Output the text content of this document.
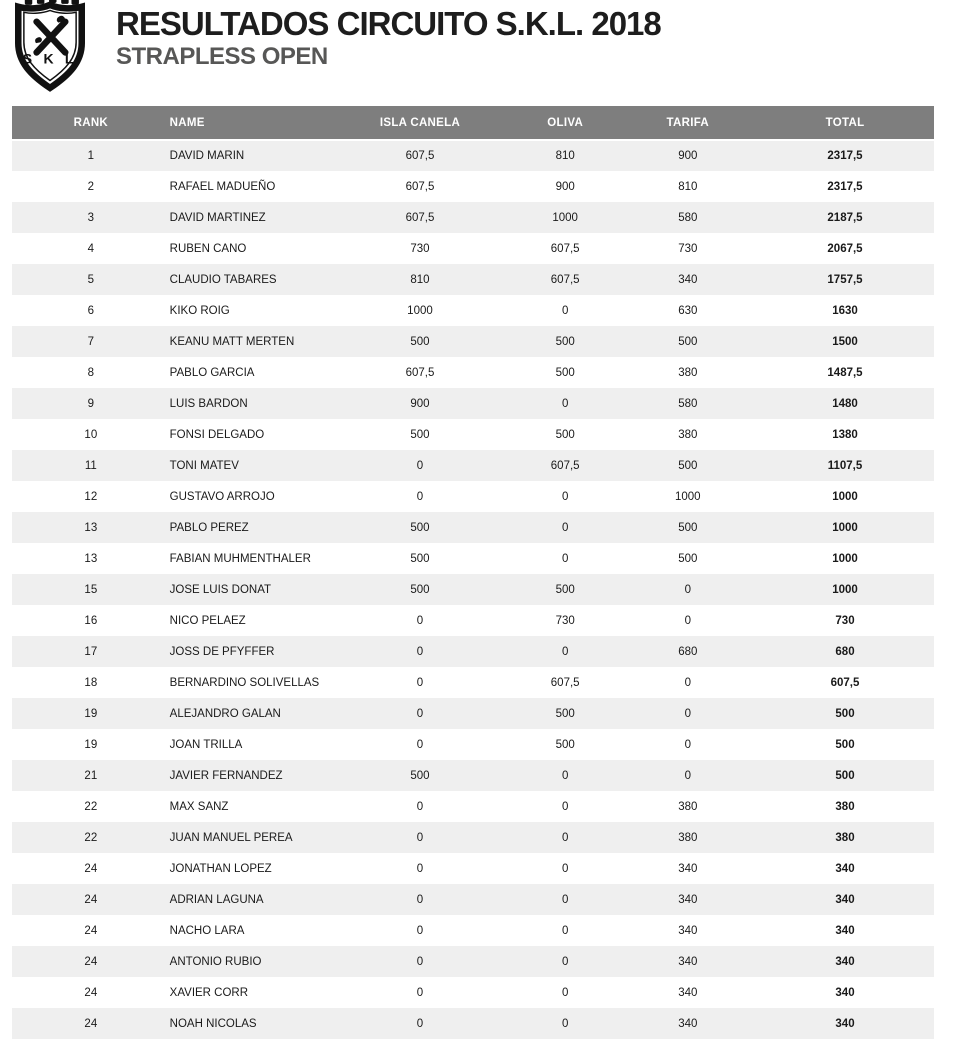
S K L
RESULTADOS CIRCUITO S.K.L. 2018
STRAPLESS OPEN
RANK	NAME	ISLA CANELA	OLIVA	TARIFA	TOTAL
1	DAVID MARIN	607,5	810	900	2317,5
2	RAFAEL MADUEÑO	607,5	900	810	2317,5
3	DAVID MARTINEZ	607,5	1000	580	2187,5
4	RUBEN CANO	730	607,5	730	2067,5
5	CLAUDIO TABARES	810	607,5	340	1757,5
6	KIKO ROIG	1000	0	630	1630
7	KEANU MATT MERTEN	500	500	500	1500
8	PABLO GARCIA	607,5	500	380	1487,5
9	LUIS BARDON	900	0	580	1480
10	FONSI DELGADO	500	500	380	1380
11	TONI MATEV	0	607,5	500	1107,5
12	GUSTAVO ARROJO	0	0	1000	1000
13	PABLO PEREZ	500	0	500	1000
13	FABIAN MUHMENTHALER	500	0	500	1000
15	JOSE LUIS DONAT	500	500	0	1000
16	NICO PELAEZ	0	730	0	730
17	JOSS DE PFYFFER	0	0	680	680
18	BERNARDINO SOLIVELLAS	0	607,5	0	607,5
19	ALEJANDRO GALAN	0	500	0	500
19	JOAN TRILLA	0	500	0	500
21	JAVIER FERNANDEZ	500	0	0	500
22	MAX SANZ	0	0	380	380
22	JUAN MANUEL PEREA	0	0	380	380
24	JONATHAN LOPEZ	0	0	340	340
24	ADRIAN LAGUNA	0	0	340	340
24	NACHO LARA	0	0	340	340
24	ANTONIO RUBIO	0	0	340	340
24	XAVIER CORR	0	0	340	340
24	NOAH NICOLAS	0	0	340	340
